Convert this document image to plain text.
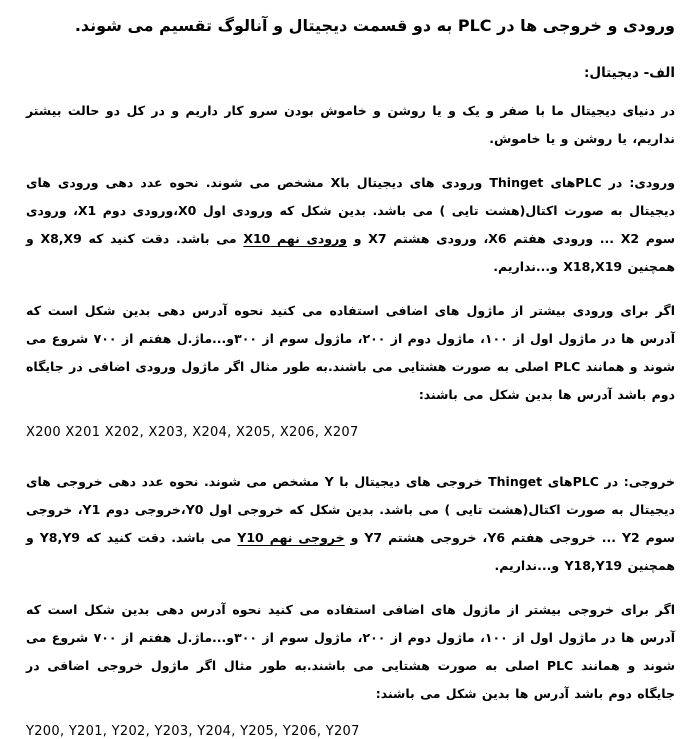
ورودی و خروجی ها در PLC به دو قسمت دیجیتال و آنالوگ تقسیم می شوند.

الف- دیجیتال:

در دنیای دیجیتال ما با صفر و یک و یا روشن و خاموش بودن سرو کار داریم و در کل دو حالت بیشتر نداریم، یا روشن و یا خاموش.

ورودی: در PLCهای Thinget ورودی های دیجیتال باX مشخص می شوند. نحوه عدد دهی ورودی های دیجیتال به صورت اکتال(هشت تایی ) می باشد. بدین شکل که ورودی اول X0،ورودی دوم X1، ورودی سوم X2 ... ورودی هفتم X6، ورودی هشتم X7 و ورودی نهم X10 می باشد. دقت کنید که X8,X9 و همچنین X18,X19 و...نداریم.

اگر برای ورودی بیشتر از ماژول های اضافی استفاده می کنید نحوه آدرس دهی بدین شکل است که آدرس ها در ماژول اول از ۱۰۰، ماژول دوم از ۲۰۰، ماژول سوم از ۳۰۰و...ماژ.ل هفتم از ۷۰۰ شروع می شوند و همانند PLC اصلی به صورت هشتایی می باشند.به طور مثال اگر ماژول ورودی اضافی در جایگاه دوم باشد آدرس ها بدین شکل می باشند:

X200 X201 X202, X203, X204, X205, X206, X207

خروجی: در PLCهای Thinget خروجی های دیجیتال با Y مشخص می شوند. نحوه عدد دهی خروجی های دیجیتال به صورت اکتال(هشت تایی ) می باشد. بدین شکل که خروجی اول Y0،خروجی دوم Y1، خروجی سوم Y2 ... خروجی هفتم Y6، خروجی هشتم Y7 و خروجی نهم Y10 می باشد. دقت کنید که Y8,Y9 و همچنین Y18,Y19 و...نداریم.

اگر برای خروجی بیشتر از ماژول های اضافی استفاده می کنید نحوه آدرس دهی بدین شکل است که آدرس ها در ماژول اول از ۱۰۰، ماژول دوم از ۲۰۰، ماژول سوم از ۳۰۰و...ماژ.ل هفتم از ۷۰۰ شروع می شوند و همانند PLC اصلی به صورت هشتایی می باشند.به طور مثال اگر ماژول خروجی اضافی در جایگاه دوم باشد آدرس ها بدین شکل می باشند:

Y200, Y201, Y202, Y203, Y204, Y205, Y206, Y207
